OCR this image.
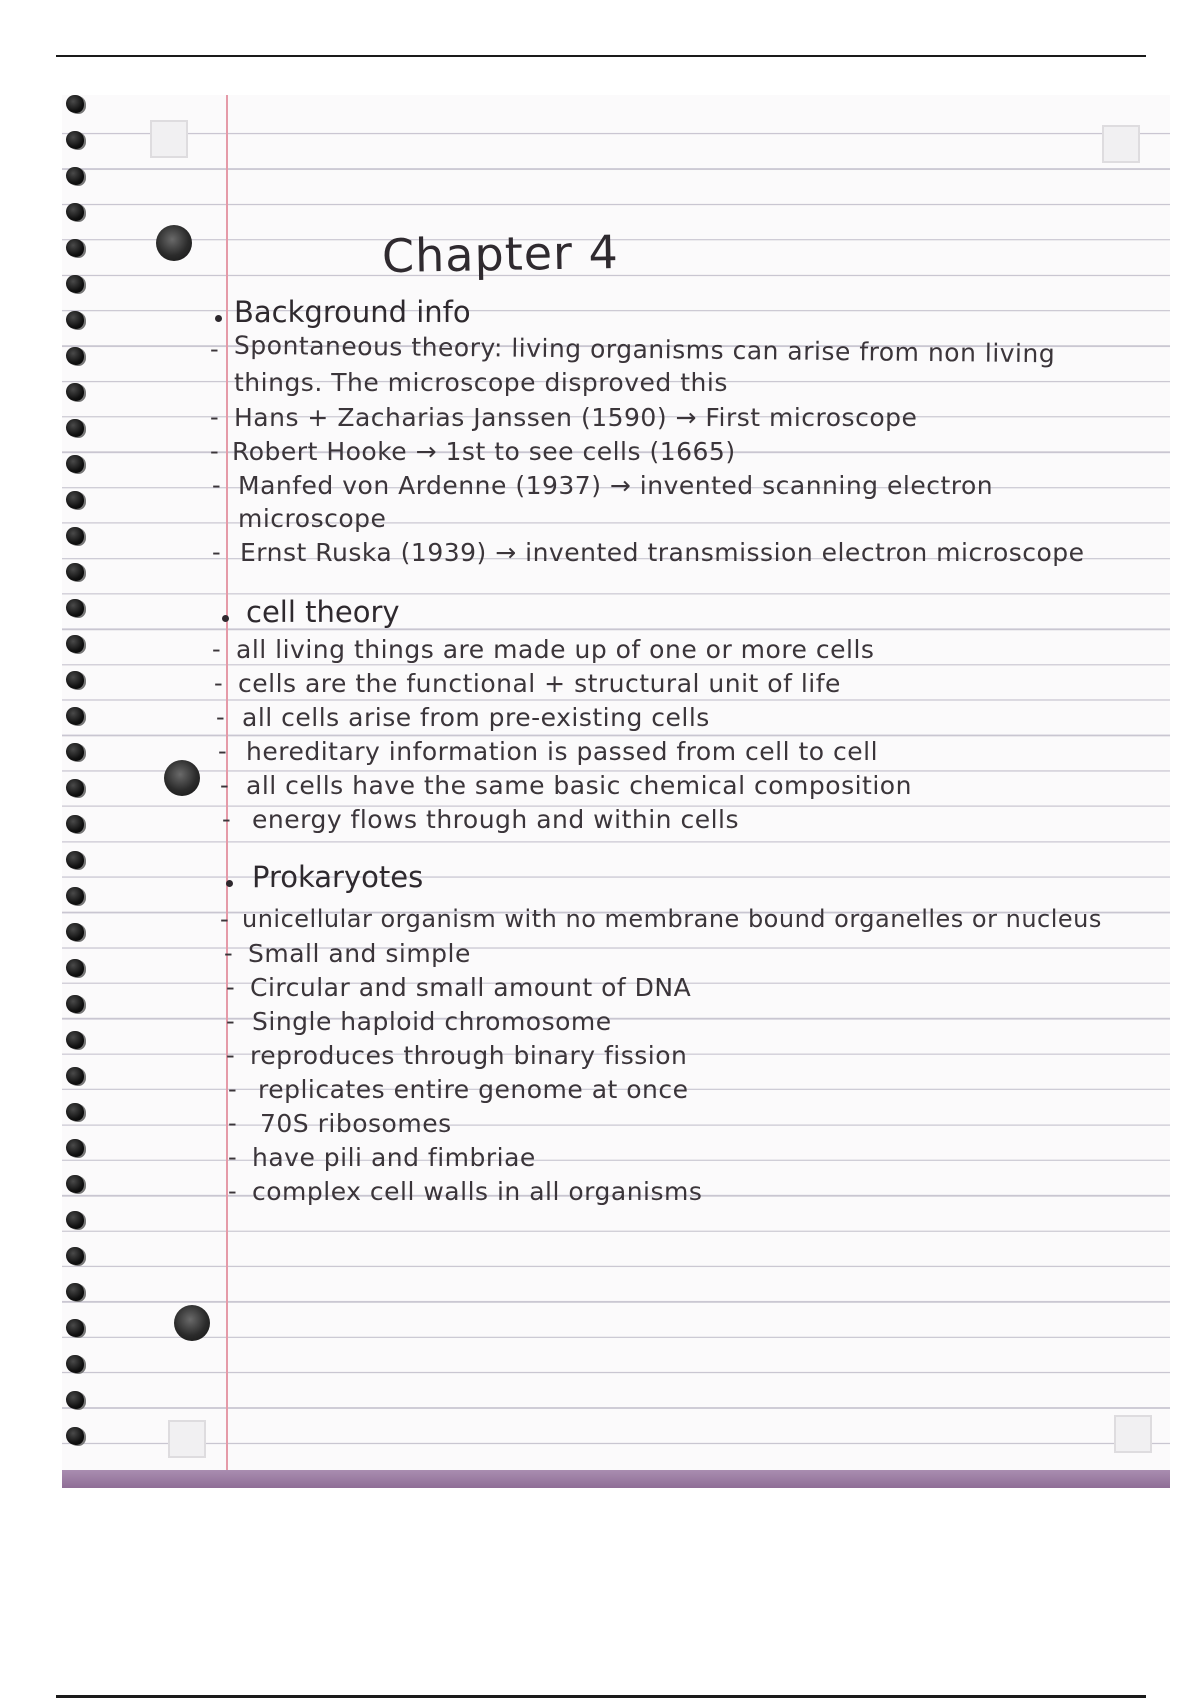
Chapter 4
Background info
- Spontaneous theory: living organisms can arise from non living
things. The microscope disproved this
- Hans + Zacharias Janssen (1590) → First microscope
- Robert Hooke → 1st to see cells (1665)
- Manfed von Ardenne (1937) → invented scanning electron
microscope
- Ernst Ruska (1939) → invented transmission electron microscope
cell theory
- all living things are made up of one or more cells
- cells are the functional + structural unit of life
- all cells arise from pre-existing cells
- hereditary information is passed from cell to cell
- all cells have the same basic chemical composition
- energy flows through and within cells
Prokaryotes
- unicellular organism with no membrane bound organelles or nucleus
- Small and simple
- Circular and small amount of DNA
- Single haploid chromosome
- reproduces through binary fission
- replicates entire genome at once
- 70S ribosomes
- have pili and fimbriae
- complex cell walls in all organisms
